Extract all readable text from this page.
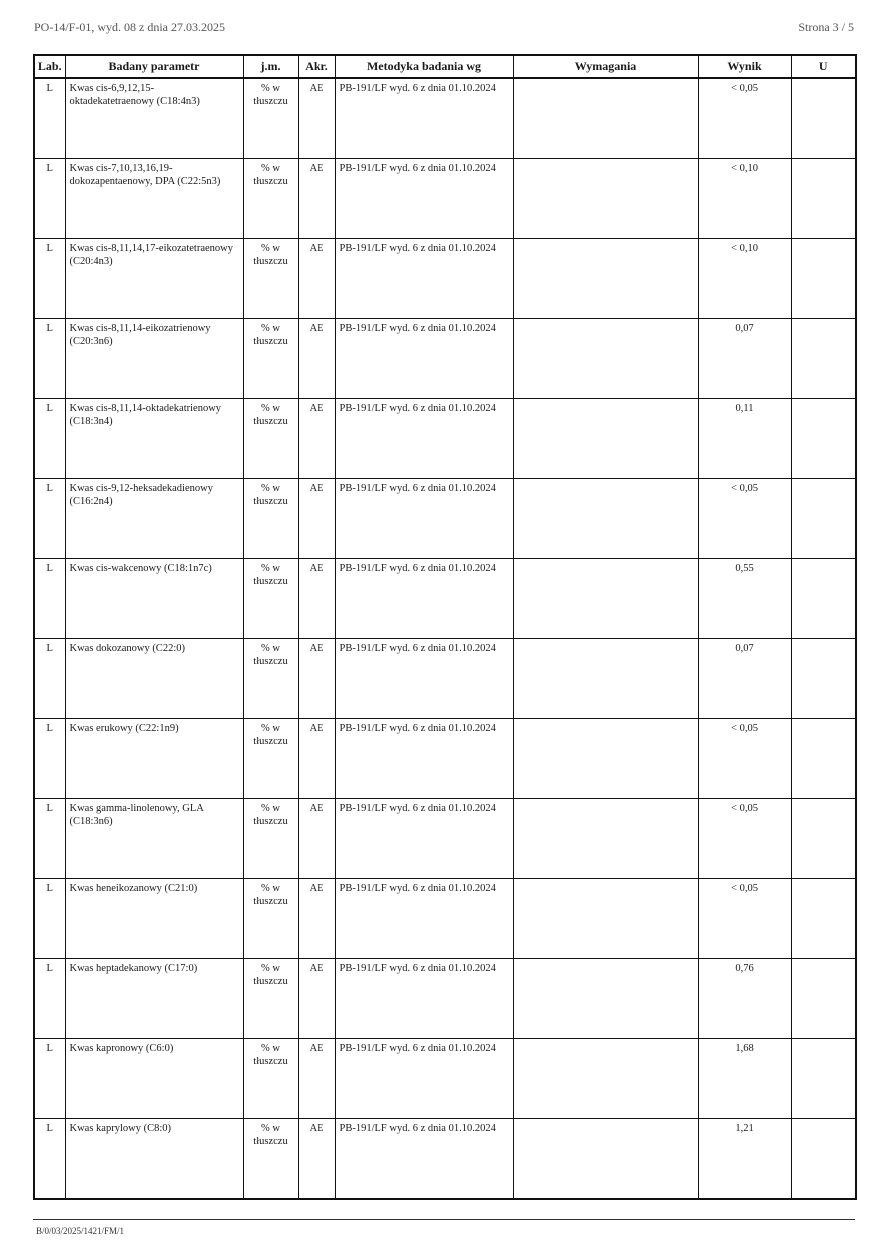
PO-14/F-01, wyd. 08 z dnia 27.03.2025	Strona 3 / 5
Lab.	Badany parametr	j.m.	Akr.	Metodyka badania wg	Wymagania	Wynik	U
L	Kwas cis-6,9,12,15-oktadekatetraenowy (C18:4n3)	% w tłuszczu	AE	PB-191/LF wyd. 6 z dnia 01.10.2024		< 0,05	
L	Kwas cis-7,10,13,16,19-dokozapentaenowy, DPA (C22:5n3)	% w tłuszczu	AE	PB-191/LF wyd. 6 z dnia 01.10.2024		< 0,10	
L	Kwas cis-8,11,14,17-eikozatetraenowy (C20:4n3)	% w tłuszczu	AE	PB-191/LF wyd. 6 z dnia 01.10.2024		< 0,10	
L	Kwas cis-8,11,14-eikozatrienowy (C20:3n6)	% w tłuszczu	AE	PB-191/LF wyd. 6 z dnia 01.10.2024		0,07	
L	Kwas cis-8,11,14-oktadekatrienowy (C18:3n4)	% w tłuszczu	AE	PB-191/LF wyd. 6 z dnia 01.10.2024		0,11	
L	Kwas cis-9,12-heksadekadienowy (C16:2n4)	% w tłuszczu	AE	PB-191/LF wyd. 6 z dnia 01.10.2024		< 0,05	
L	Kwas cis-wakcenowy (C18:1n7c)	% w tłuszczu	AE	PB-191/LF wyd. 6 z dnia 01.10.2024		0,55	
L	Kwas dokozanowy (C22:0)	% w tłuszczu	AE	PB-191/LF wyd. 6 z dnia 01.10.2024		0,07	
L	Kwas erukowy (C22:1n9)	% w tłuszczu	AE	PB-191/LF wyd. 6 z dnia 01.10.2024		< 0,05	
L	Kwas gamma-linolenowy, GLA (C18:3n6)	% w tłuszczu	AE	PB-191/LF wyd. 6 z dnia 01.10.2024		< 0,05	
L	Kwas heneikozanowy (C21:0)	% w tłuszczu	AE	PB-191/LF wyd. 6 z dnia 01.10.2024		< 0,05	
L	Kwas heptadekanowy (C17:0)	% w tłuszczu	AE	PB-191/LF wyd. 6 z dnia 01.10.2024		0,76	
L	Kwas kapronowy (C6:0)	% w tłuszczu	AE	PB-191/LF wyd. 6 z dnia 01.10.2024		1,68	
L	Kwas kaprylowy (C8:0)	% w tłuszczu	AE	PB-191/LF wyd. 6 z dnia 01.10.2024		1,21	
B/0/03/2025/1421/FM/1
